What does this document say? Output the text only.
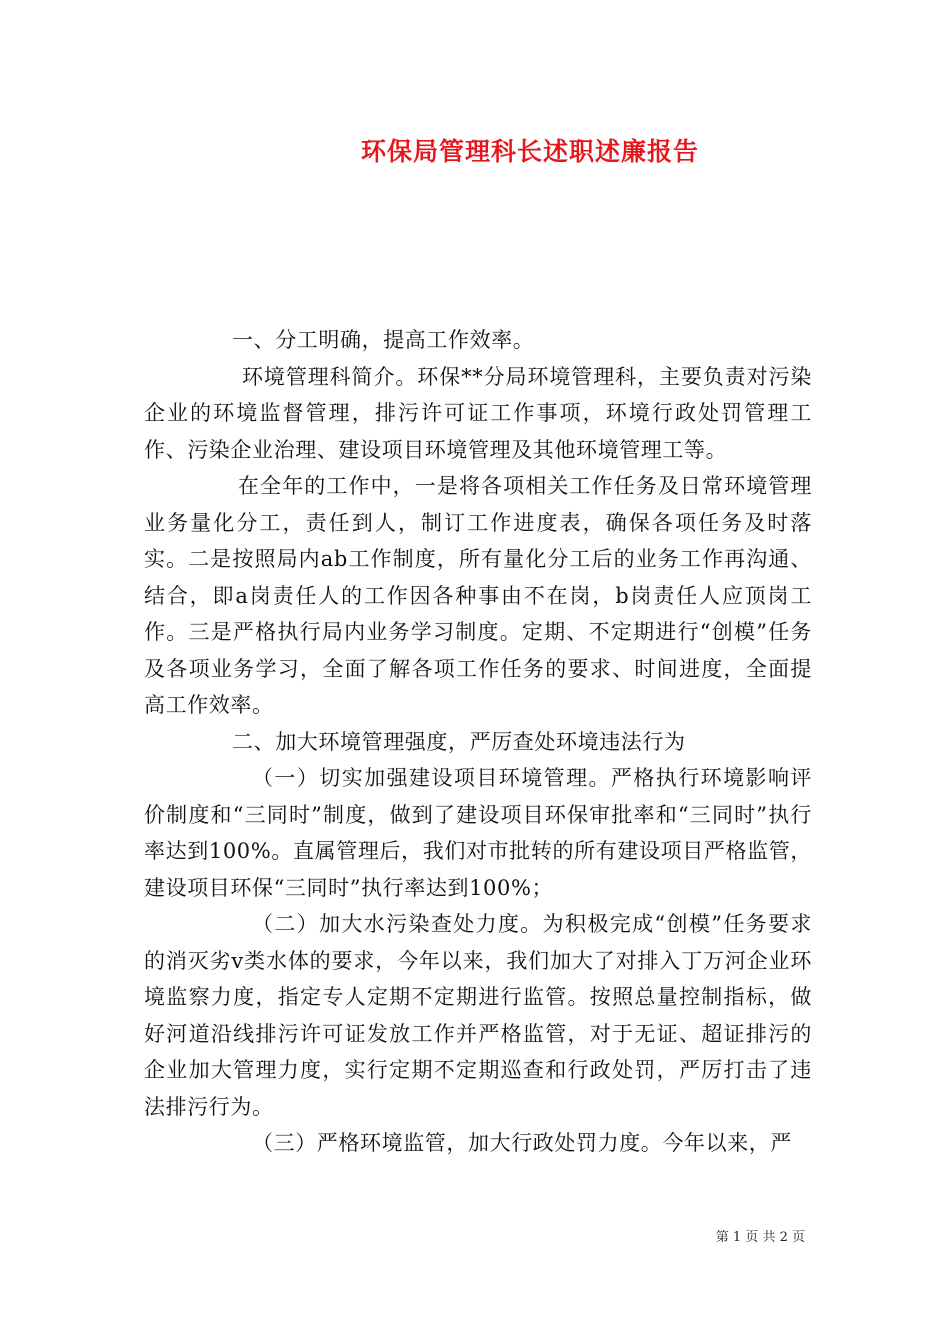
环保局管理科长述职述廉报告

一、分工明确，提高工作效率。

环境管理科简介。环保**分局环境管理科，主要负责对污染企业的环境监督管理，排污许可证工作事项，环境行政处罚管理工作、污染企业治理、建设项目环境管理及其他环境管理工等。

在全年的工作中，一是将各项相关工作任务及日常环境管理业务量化分工，责任到人，制订工作进度表，确保各项任务及时落实。二是按照局内ab工作制度，所有量化分工后的业务工作再沟通、结合，即a岗责任人的工作因各种事由不在岗，b岗责任人应顶岗工作。三是严格执行局内业务学习制度。定期、不定期进行“创模”任务及各项业务学习，全面了解各项工作任务的要求、时间进度，全面提高工作效率。

二、加大环境管理强度，严厉查处环境违法行为

（一）切实加强建设项目环境管理。严格执行环境影响评价制度和“三同时”制度，做到了建设项目环保审批率和“三同时”执行率达到100%。直属管理后，我们对市批转的所有建设项目严格监管，建设项目环保“三同时”执行率达到100%；

（二）加大水污染查处力度。为积极完成“创模”任务要求的消灭劣v类水体的要求，今年以来，我们加大了对排入丁万河企业环境监察力度，指定专人定期不定期进行监管。按照总量控制指标，做好河道沿线排污许可证发放工作并严格监管，对于无证、超证排污的企业加大管理力度，实行定期不定期巡查和行政处罚，严厉打击了违法排污行为。

（三）严格环境监管，加大行政处罚力度。今年以来，严

第 1 页 共 2 页
